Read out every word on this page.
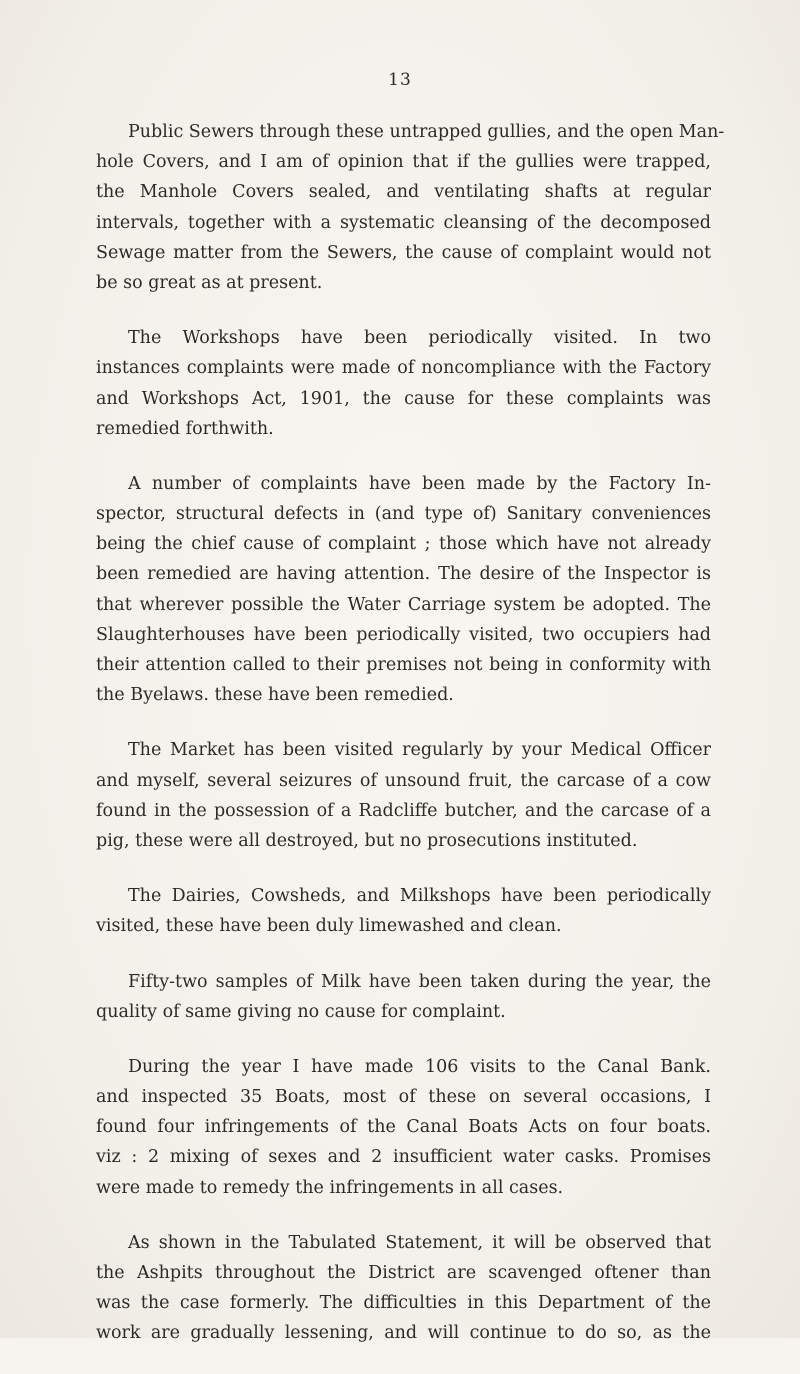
13
Public Sewers through these untrapped gullies, and the open Man-
hole Covers, and I am of opinion that if the gullies were trapped,
the Manhole Covers sealed, and ventilating shafts at regular
intervals, together with a systematic cleansing of the decomposed
Sewage matter from the Sewers, the cause of complaint would not
be so great as at present.
The Workshops have been periodically visited. In two
instances complaints were made of noncompliance with the Factory
and Workshops Act, 1901, the cause for these complaints was
remedied forthwith.
A number of complaints have been made by the Factory In-
spector, structural defects in (and type of) Sanitary conveniences
being the chief cause of complaint ; those which have not already
been remedied are having attention. The desire of the Inspector is
that wherever possible the Water Carriage system be adopted. The
Slaughterhouses have been periodically visited, two occupiers had
their attention called to their premises not being in conformity with
the Byelaws. these have been remedied.
The Market has been visited regularly by your Medical Officer
and myself, several seizures of unsound fruit, the carcase of a cow
found in the possession of a Radcliffe butcher, and the carcase of a
pig, these were all destroyed, but no prosecutions instituted.
The Dairies, Cowsheds, and Milkshops have been periodically
visited, these have been duly limewashed and clean.
Fifty-two samples of Milk have been taken during the year, the
quality of same giving no cause for complaint.
During the year I have made 106 visits to the Canal Bank.
and inspected 35 Boats, most of these on several occasions, I
found four infringements of the Canal Boats Acts on four boats.
viz : 2 mixing of sexes and 2 insufficient water casks. Promises
were made to remedy the infringements in all cases.
As shown in the Tabulated Statement, it will be observed that
the Ashpits throughout the District are scavenged oftener than
was the case formerly. The difficulties in this Department of the
work are gradually lessening, and will continue to do so, as the
